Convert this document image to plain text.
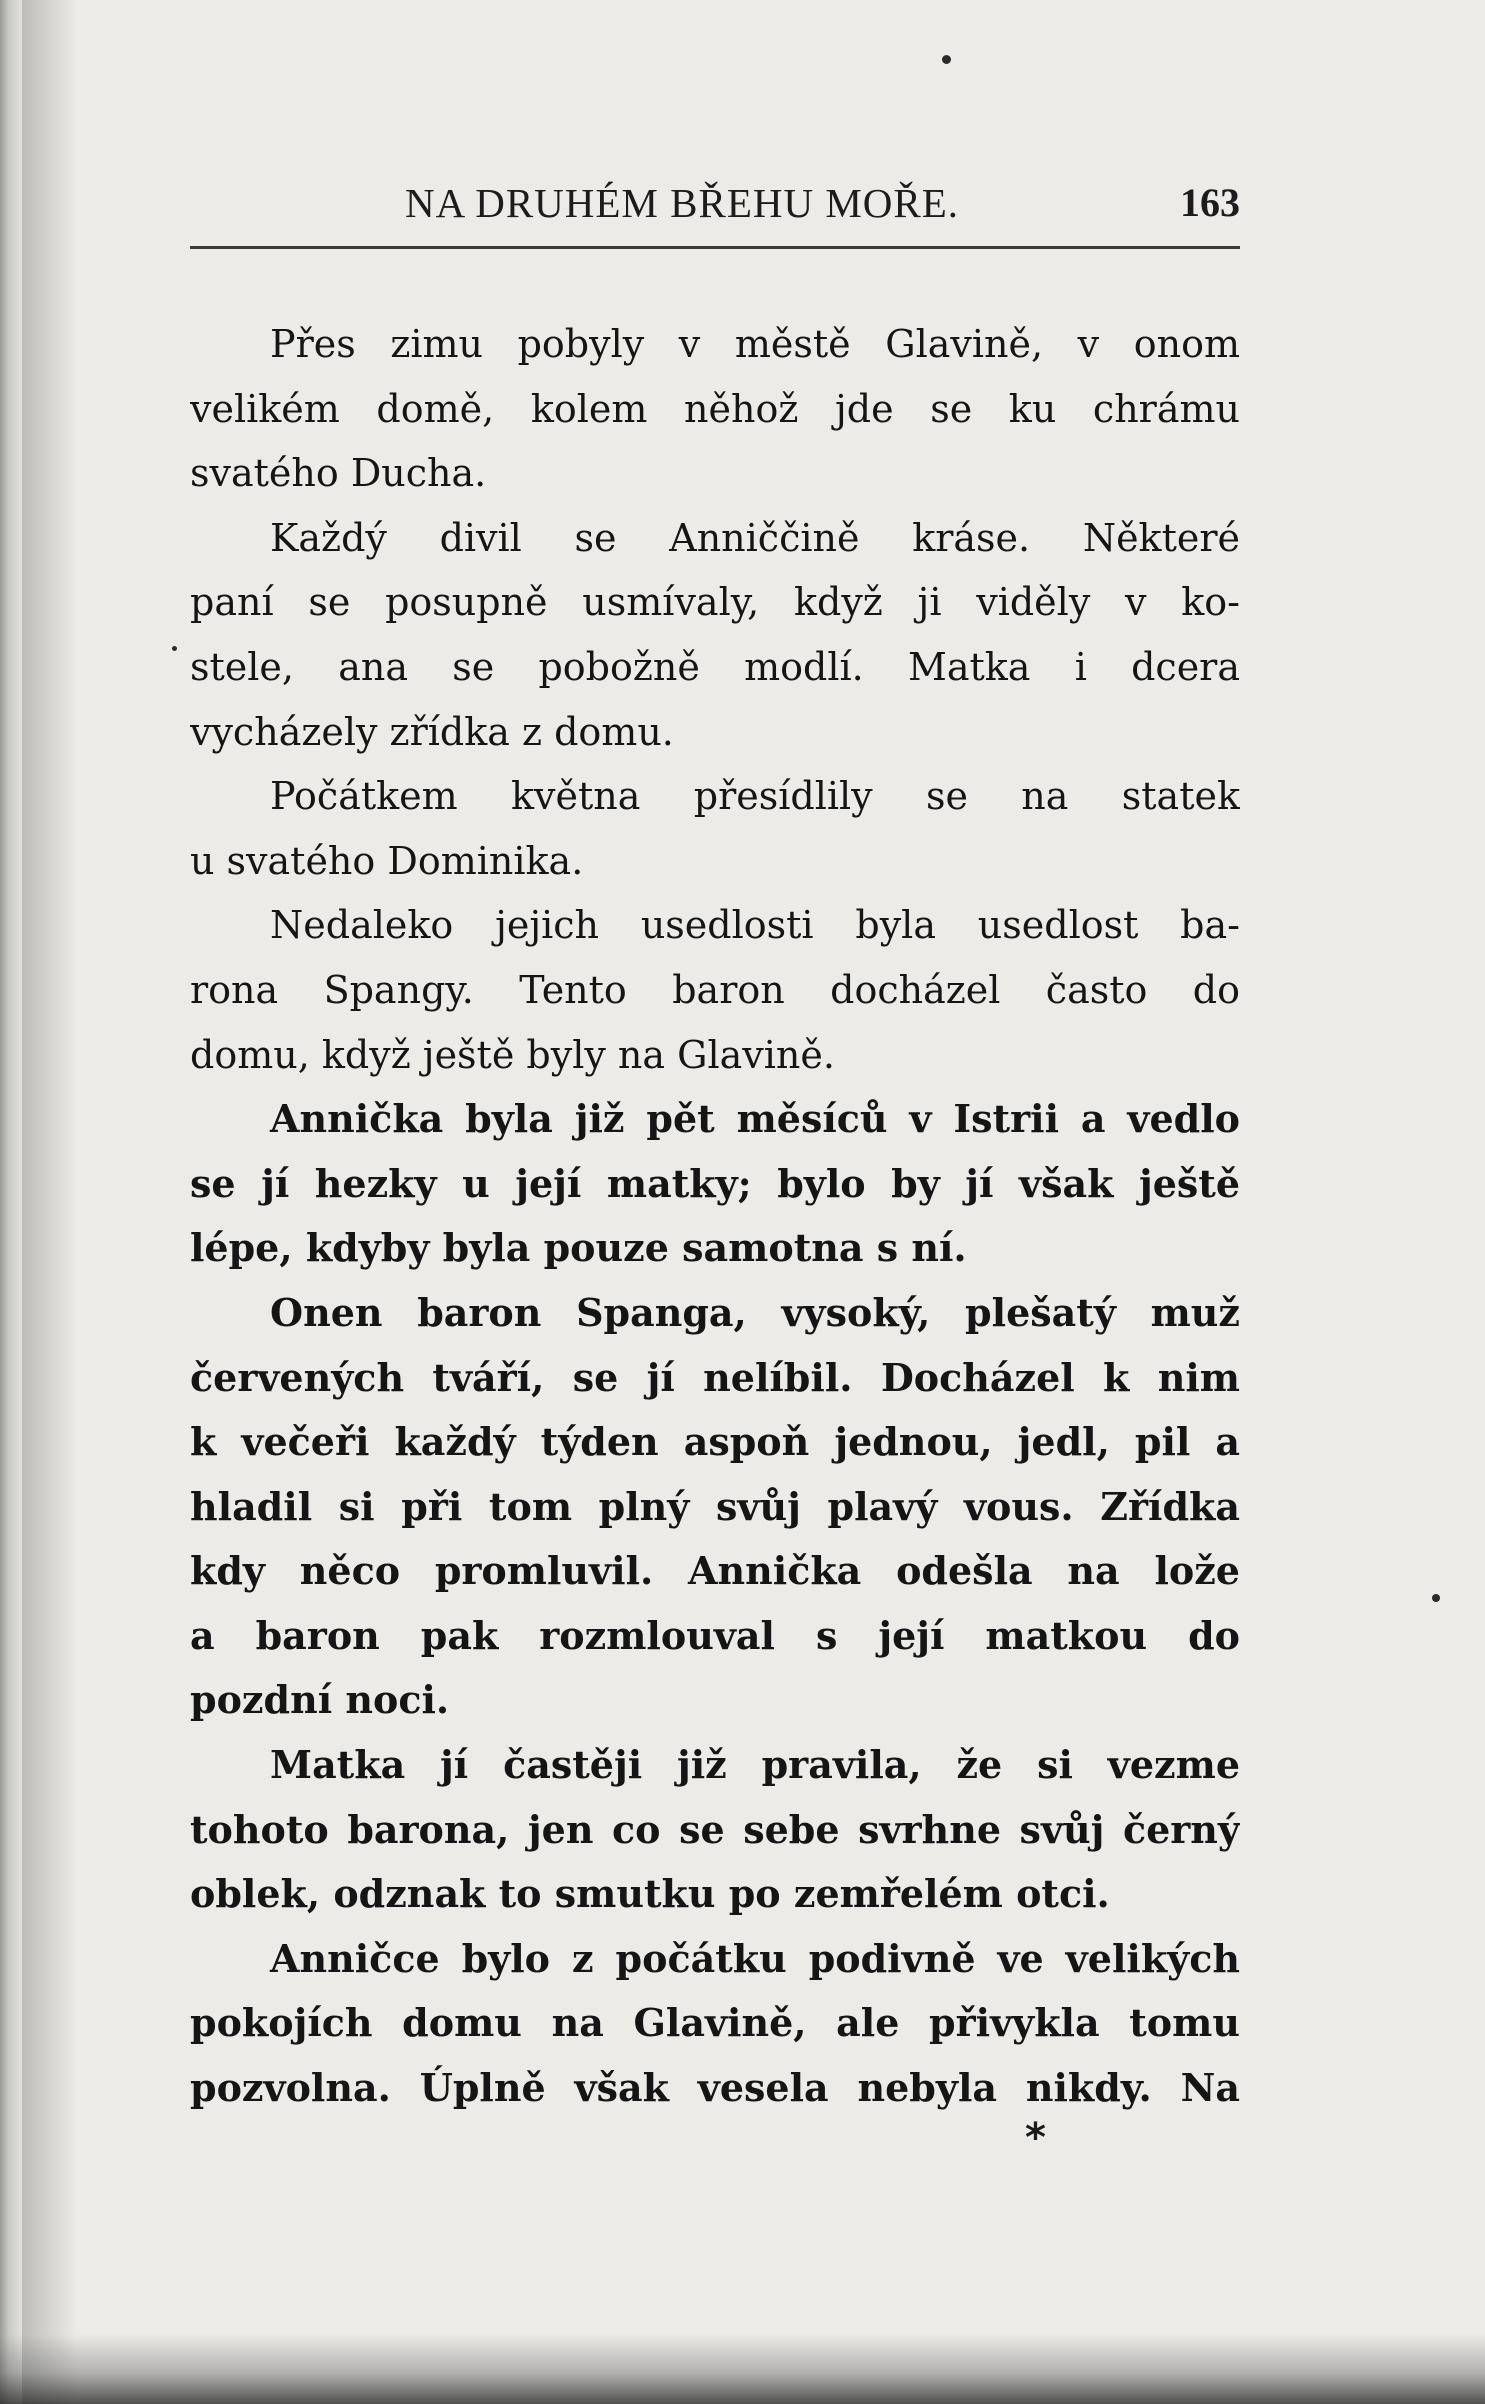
NA DRUHÉM BŘEHU MOŘE.	163
Přes zimu pobyly v městě Glavině, v onom
velikém domě, kolem něhož jde se ku chrámu
svatého Ducha.
Každý divil se Anniččině kráse. Některé
paní se posupně usmívaly, když ji viděly v ko-
stele, ana se pobožně modlí. Matka i dcera
vycházely zřídka z domu.
Počátkem května přesídlily se na statek
u svatého Dominika.
Nedaleko jejich usedlosti byla usedlost ba-
rona Spangy. Tento baron docházel často do
domu, když ještě byly na Glavině.
Annička byla již pět měsíců v Istrii a vedlo
se jí hezky u její matky; bylo by jí však ještě
lépe, kdyby byla pouze samotna s ní.
Onen baron Spanga, vysoký, plešatý muž
červených tváří, se jí nelíbil. Docházel k nim
k večeři každý týden aspoň jednou, jedl, pil a
hladil si při tom plný svůj plavý vous. Zřídka
kdy něco promluvil. Annička odešla na lože
a baron pak rozmlouval s její matkou do
pozdní noci.
Matka jí častěji již pravila, že si vezme
tohoto barona, jen co se sebe svrhne svůj černý
oblek, odznak to smutku po zemřelém otci.
Anničce bylo z počátku podivně ve velikých
pokojích domu na Glavině, ale přivykla tomu
pozvolna. Úplně však vesela nebyla nikdy. Na
*
